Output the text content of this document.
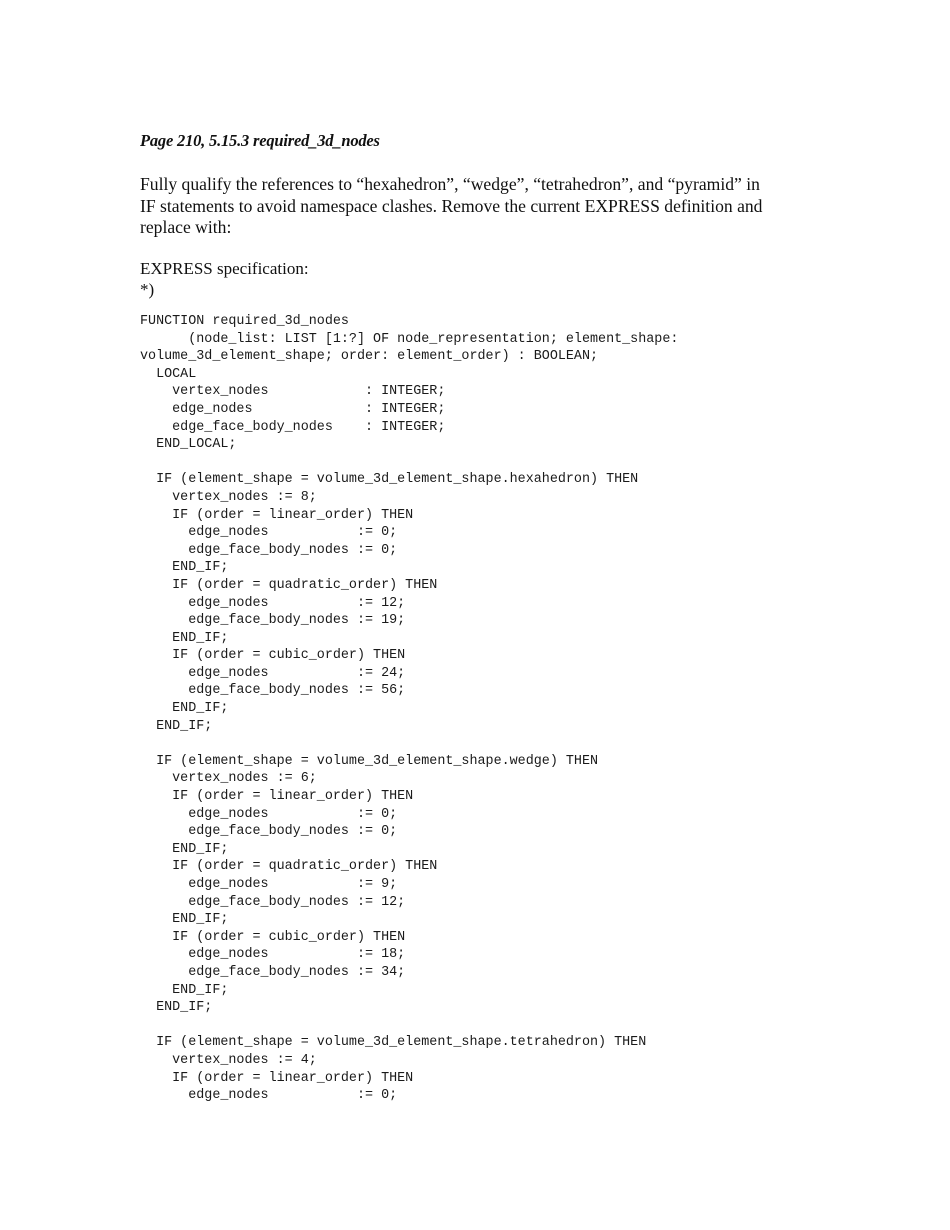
Page 210, 5.15.3 required_3d_nodes
Fully qualify the references to “hexahedron”, “wedge”, “tetrahedron”, and “pyramid” in
IF statements to avoid namespace clashes. Remove the current EXPRESS definition and
replace with:
EXPRESS specification:
*)
FUNCTION required_3d_nodes
(node_list: LIST [1:?] OF node_representation; element_shape:
volume_3d_element_shape; order: element_order) : BOOLEAN;
LOCAL
vertex_nodes            : INTEGER;
edge_nodes              : INTEGER;
edge_face_body_nodes    : INTEGER;
END_LOCAL;
IF (element_shape = volume_3d_element_shape.hexahedron) THEN
vertex_nodes := 8;
IF (order = linear_order) THEN
edge_nodes           := 0;
edge_face_body_nodes := 0;
END_IF;
IF (order = quadratic_order) THEN
edge_nodes           := 12;
edge_face_body_nodes := 19;
END_IF;
IF (order = cubic_order) THEN
edge_nodes           := 24;
edge_face_body_nodes := 56;
END_IF;
END_IF;
IF (element_shape = volume_3d_element_shape.wedge) THEN
vertex_nodes := 6;
IF (order = linear_order) THEN
edge_nodes           := 0;
edge_face_body_nodes := 0;
END_IF;
IF (order = quadratic_order) THEN
edge_nodes           := 9;
edge_face_body_nodes := 12;
END_IF;
IF (order = cubic_order) THEN
edge_nodes           := 18;
edge_face_body_nodes := 34;
END_IF;
END_IF;
IF (element_shape = volume_3d_element_shape.tetrahedron) THEN
vertex_nodes := 4;
IF (order = linear_order) THEN
edge_nodes           := 0;
